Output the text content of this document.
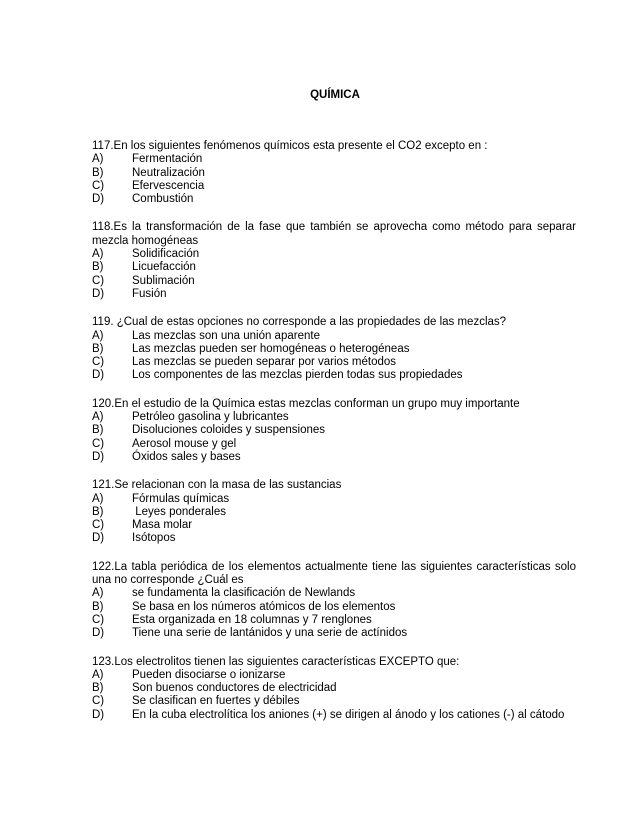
QUÍMICA
117.En los siguientes fenómenos químicos esta presente el CO2 excepto en :
A)	Fermentación
B)	Neutralización
C)	Efervescencia
D)	Combustión
118.Es la transformación de la fase que también se aprovecha como método para separar mezcla homogéneas
A)	Solidificación
B)	Licuefacción
C)	Sublimación
D)	Fusión
119. ¿Cual de estas opciones no corresponde a las propiedades de las mezclas?
A)	Las mezclas son una unión aparente
B)	Las mezclas pueden ser homogéneas o heterogéneas
C)	Las mezclas se pueden separar por varios métodos
D)	Los componentes de las mezclas pierden todas sus propiedades
120.En el estudio de la Química estas mezclas conforman un grupo muy importante
A)	Petróleo gasolina y lubricantes
B)	Disoluciones coloides y suspensiones
C)	Aerosol mouse y gel
D)	Óxidos sales y bases
121.Se relacionan con la masa de las sustancias
A)	Fórmulas químicas
B)	Leyes ponderales
C)	Masa molar
D)	Isótopos
122.La tabla periódica de los elementos actualmente tiene las siguientes características solo una no corresponde ¿Cuál es
A)	se fundamenta la clasificación de Newlands
B)	Se basa en los números atómicos de los elementos
C)	Esta organizada en 18 columnas y 7 renglones
D)	Tiene una serie de lantánidos y una serie de actínidos
123.Los electrolitos tienen las siguientes características EXCEPTO que:
A)	Pueden disociarse o ionizarse
B)	Son buenos conductores de electricidad
C)	Se clasifican en fuertes y débiles
D)	En la cuba electrolítica los aniones (+) se dirigen al ánodo y los cationes (-) al cátodo
